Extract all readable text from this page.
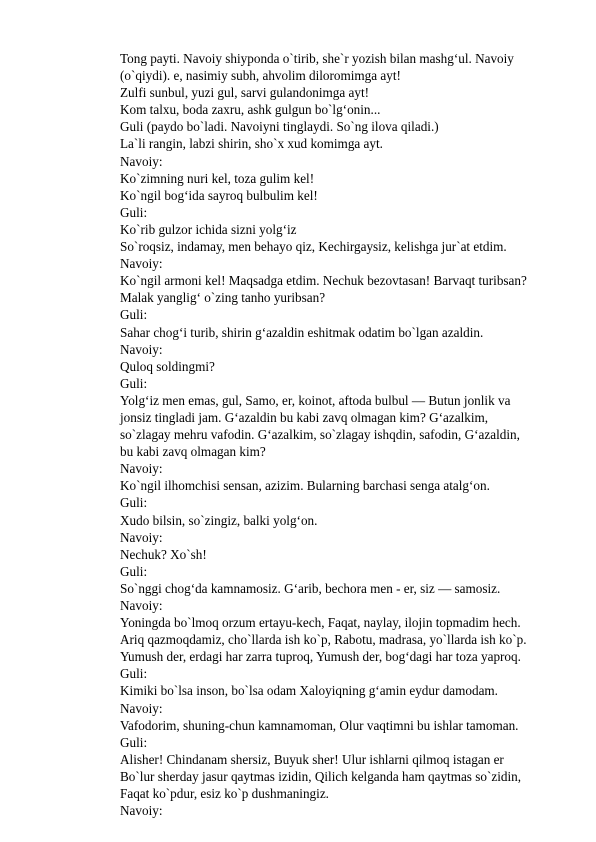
Tong payti. Navoiy shiyponda o`tirib, she`r yozish bilan mashg‘ul. Navoiy
(o`qiydi). e, nasimiy subh, ahvolim diloromimga ayt!
Zulfi sunbul, yuzi gul, sarvi gulandonimga ayt!
Kom talxu, boda zaxru, ashk gulgun bo`lg‘onin...
Guli (paydo bo`ladi. Navoiyni tinglaydi. So`ng ilova qiladi.)
La`li rangin, labzi shirin, sho`x xud komimga ayt.
Navoiy:
Ko`zimning nuri kel, toza gulim kel!
Ko`ngil bog‘ida sayroq bulbulim kel!
Guli:
Ko`rib gulzor ichida sizni yolg‘iz
So`roqsiz, indamay, men behayo qiz, Kechirgaysiz, kelishga jur`at etdim.
Navoiy:
Ko`ngil armoni kel! Maqsadga etdim. Nechuk bezovtasan! Barvaqt turibsan?
Malak yanglig‘ o`zing tanho yuribsan?
Guli:
Sahar chog‘i turib, shirin g‘azaldin eshitmak odatim bo`lgan azaldin.
Navoiy:
Quloq soldingmi?
Guli:
Yolg‘iz men emas, gul, Samo, er, koinot, aftoda bulbul — Butun jonlik va
jonsiz tingladi jam. G‘azaldin bu kabi zavq olmagan kim? G‘azalkim,
so`zlagay mehru vafodin. G‘azalkim, so`zlagay ishqdin, safodin, G‘azaldin,
bu kabi zavq olmagan kim?
Navoiy:
Ko`ngil ilhomchisi sensan, azizim. Bularning barchasi senga atalg‘on.
Guli:
Xudo bilsin, so`zingiz, balki yolg‘on.
Navoiy:
Nechuk? Xo`sh!
Guli:
So`nggi chog‘da kamnamosiz. G‘arib, bechora men - er, siz — samosiz.
Navoiy:
Yoningda bo`lmoq orzum ertayu-kech, Faqat, naylay, ilojin topmadim hech.
Ariq qazmoqdamiz, cho`llarda ish ko`p, Rabotu, madrasa, yo`llarda ish ko`p.
Yumush der, erdagi har zarra tuproq, Yumush der, bog‘dagi har toza yaproq.
Guli:
Kimiki bo`lsa inson, bo`lsa odam Xaloyiqning g‘amin eydur damodam.
Navoiy:
Vafodorim, shuning-chun kamnamoman, Olur vaqtimni bu ishlar tamoman.
Guli:
Alisher! Chindanam shersiz, Buyuk sher! Ulur ishlarni qilmoq istagan er
Bo`lur sherday jasur qaytmas izidin, Qilich kelganda ham qaytmas so`zidin,
Faqat ko`pdur, esiz ko`p dushmaningiz.
Navoiy:
